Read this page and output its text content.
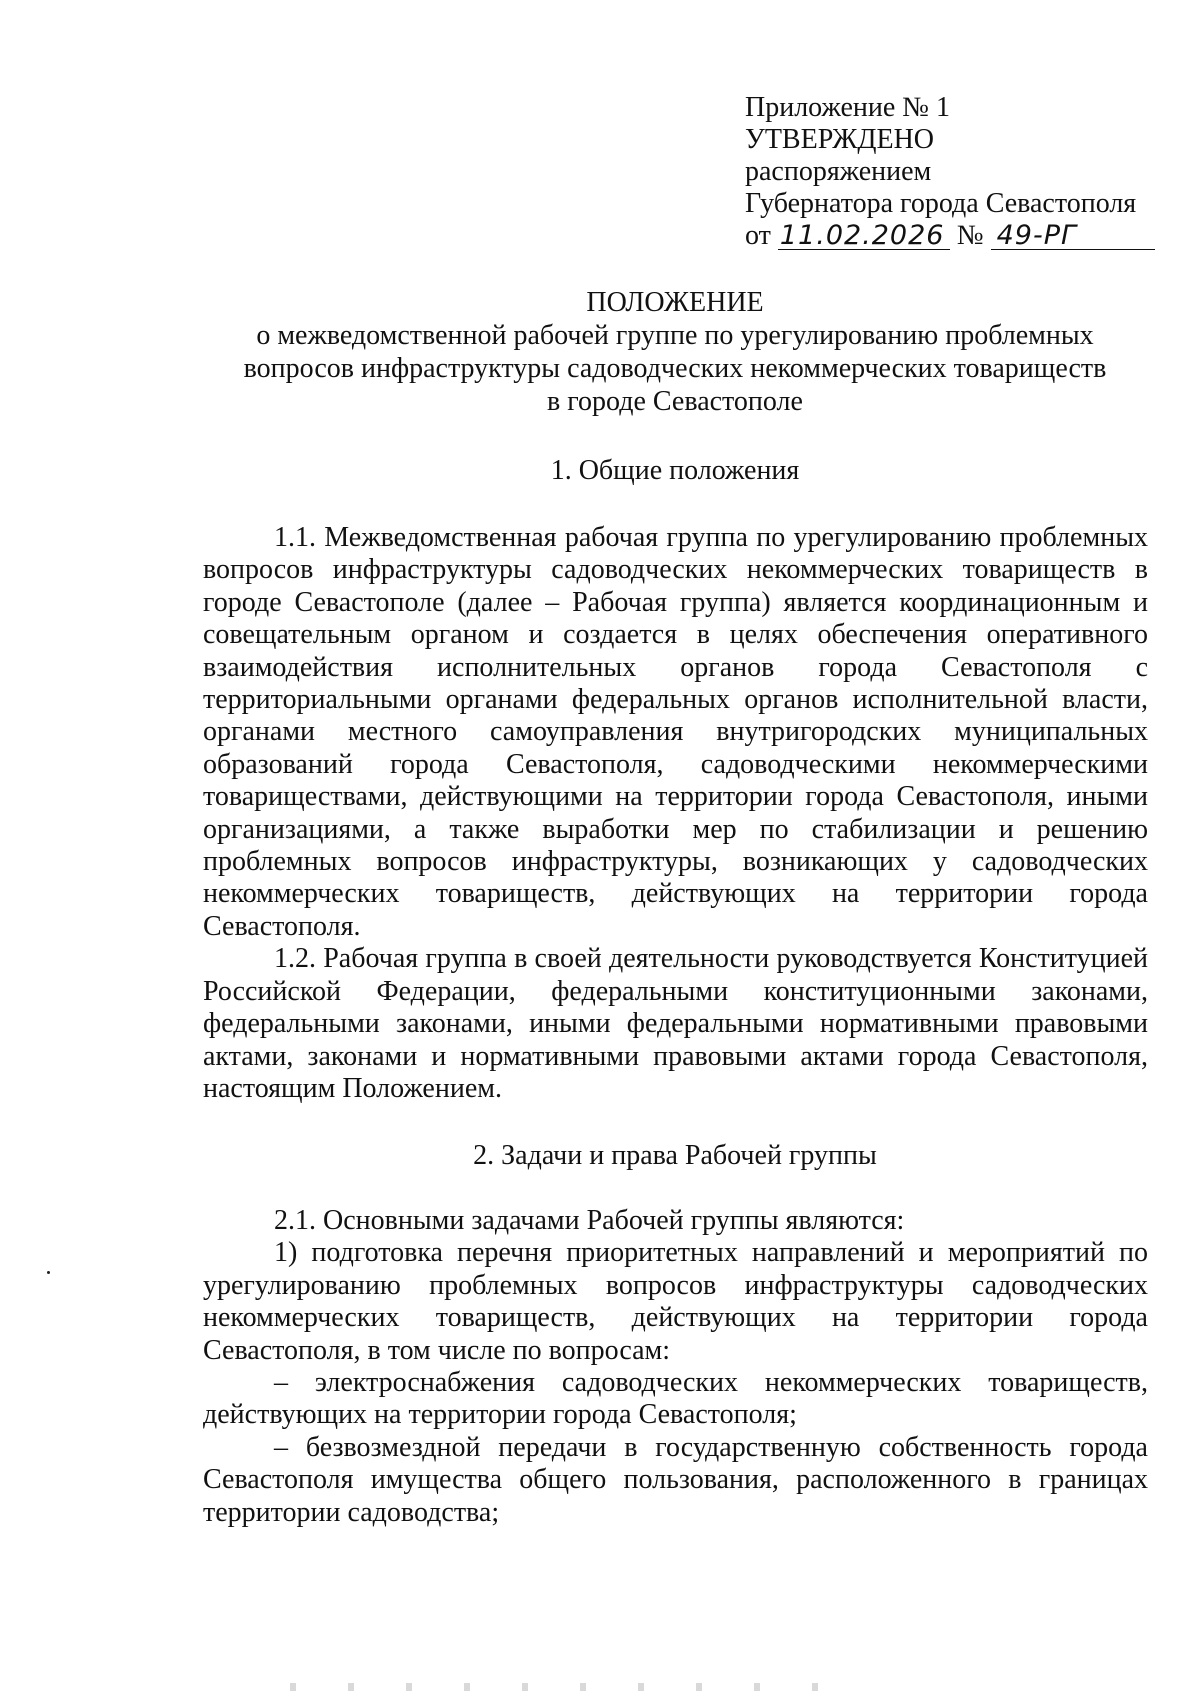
Приложение № 1
УТВЕРЖДЕНО
распоряжением
Губернатора города Севастополя
от 11.02.2026 № 49-РГ
ПОЛОЖЕНИЕ
о межведомственной рабочей группе по урегулированию проблемных
вопросов инфраструктуры садоводческих некоммерческих товариществ
в городе Севастополе
1. Общие положения

1.1. Межведомственная рабочая группа по урегулированию проблемных вопросов инфраструктуры садоводческих некоммерческих товариществ в городе Севастополе (далее – Рабочая группа) является координационным и совещательным органом и создается в целях обеспечения оперативного взаимодействия исполнительных органов города Севастополя с территориальными органами федеральных органов исполнительной власти, органами местного самоуправления внутригородских муниципальных образований города Севастополя, садоводческими некоммерческими товариществами, действующими на территории города Севастополя, иными организациями, а также выработки мер по стабилизации и решению проблемных вопросов инфраструктуры, возникающих у садоводческих некоммерческих товариществ, действующих на территории города Севастополя.

1.2. Рабочая группа в своей деятельности руководствуется Конституцией Российской Федерации, федеральными конституционными законами, федеральными законами, иными федеральными нормативными правовыми актами, законами и нормативными правовыми актами города Севастополя, настоящим Положением.

2. Задачи и права Рабочей группы

2.1. Основными задачами Рабочей группы являются:

1) подготовка перечня приоритетных направлений и мероприятий по урегулированию проблемных вопросов инфраструктуры садоводческих некоммерческих товариществ, действующих на территории города Севастополя, в том числе по вопросам:

– электроснабжения садоводческих некоммерческих товариществ, действующих на территории города Севастополя;

– безвозмездной передачи в государственную собственность города Севастополя имущества общего пользования, расположенного в границах территории садоводства;
